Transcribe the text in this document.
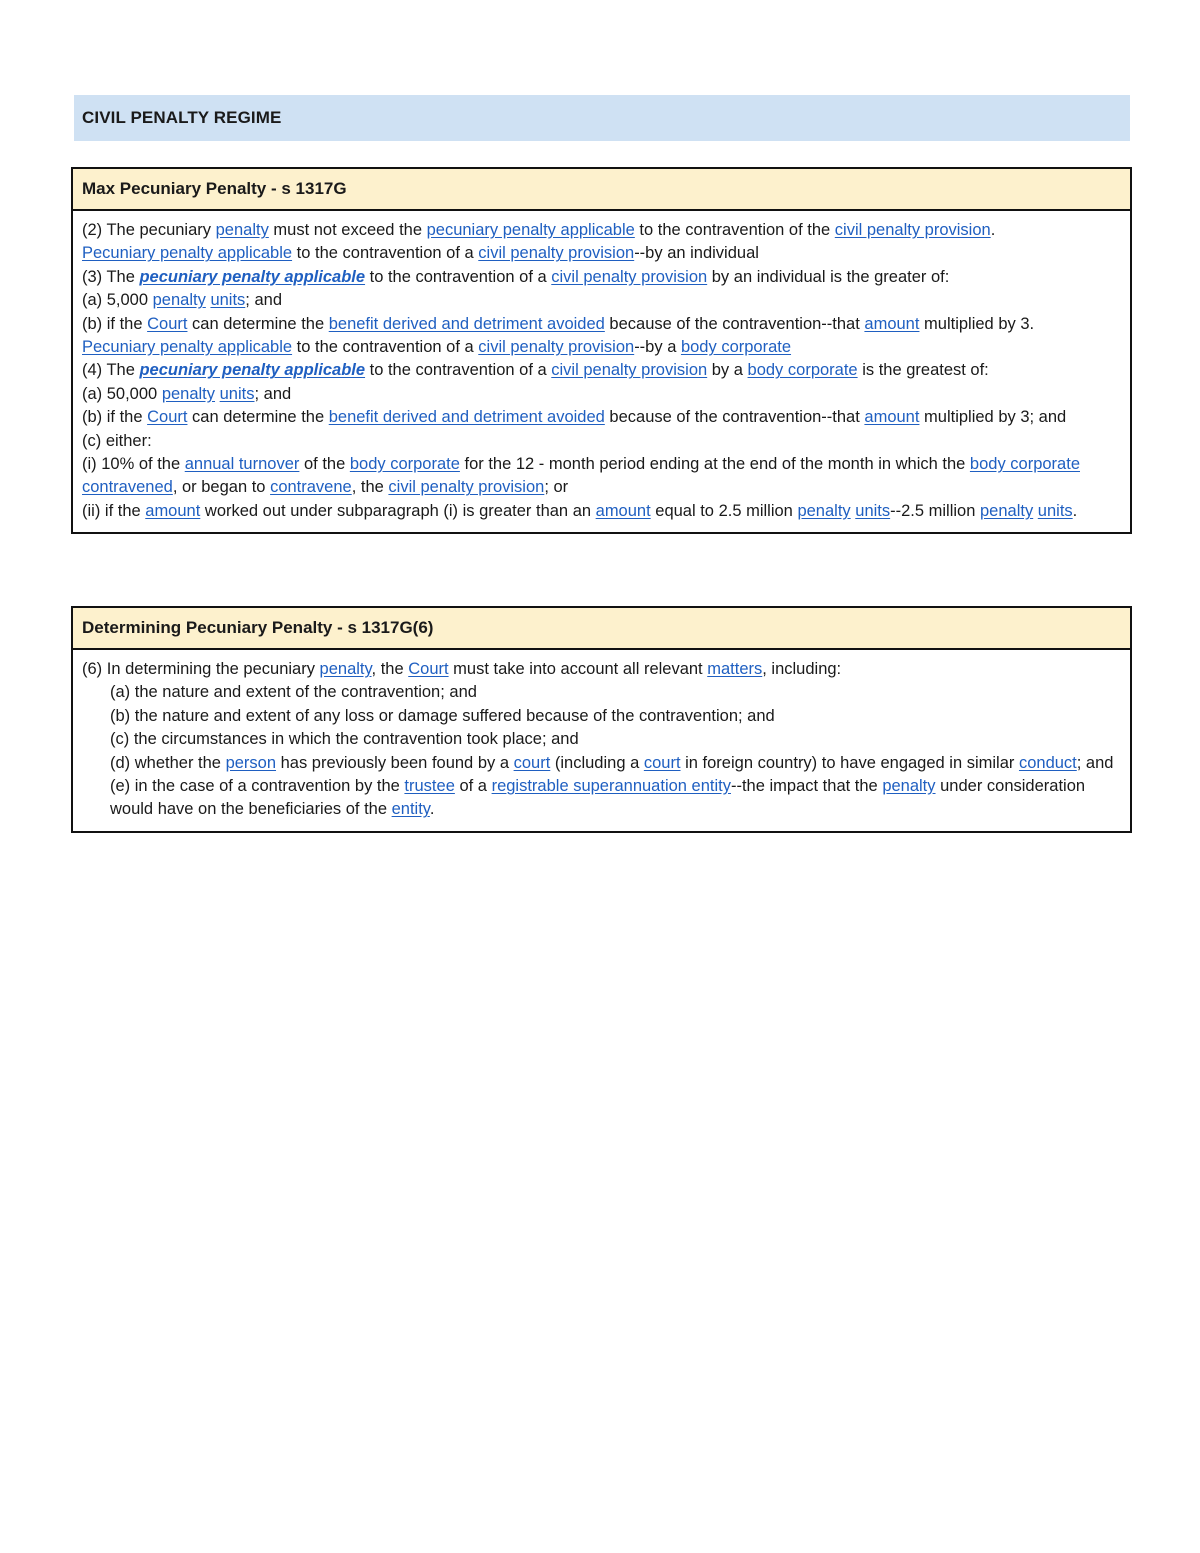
CIVIL PENALTY REGIME
Max Pecuniary Penalty - s 1317G
(2) The pecuniary penalty must not exceed the pecuniary penalty applicable to the contravention of the civil penalty provision.
Pecuniary penalty applicable to the contravention of a civil penalty provision--by an individual
(3) The pecuniary penalty applicable to the contravention of a civil penalty provision by an individual is the greater of:
(a) 5,000 penalty units; and
(b) if the Court can determine the benefit derived and detriment avoided because of the contravention--that amount multiplied by 3.
Pecuniary penalty applicable to the contravention of a civil penalty provision--by a body corporate
(4) The pecuniary penalty applicable to the contravention of a civil penalty provision by a body corporate is the greatest of:
(a) 50,000 penalty units; and
(b) if the Court can determine the benefit derived and detriment avoided because of the contravention--that amount multiplied by 3; and
(c) either:
(i) 10% of the annual turnover of the body corporate for the 12 - month period ending at the end of the month in which the body corporate contravened, or began to contravene, the civil penalty provision; or
(ii) if the amount worked out under subparagraph (i) is greater than an amount equal to 2.5 million penalty units--2.5 million penalty units.
Determining Pecuniary Penalty - s 1317G(6)
(6) In determining the pecuniary penalty, the Court must take into account all relevant matters, including:
(a) the nature and extent of the contravention; and
(b) the nature and extent of any loss or damage suffered because of the contravention; and
(c) the circumstances in which the contravention took place; and
(d) whether the person has previously been found by a court (including a court in foreign country) to have engaged in similar conduct; and
(e) in the case of a contravention by the trustee of a registrable superannuation entity--the impact that the penalty under consideration would have on the beneficiaries of the entity.
